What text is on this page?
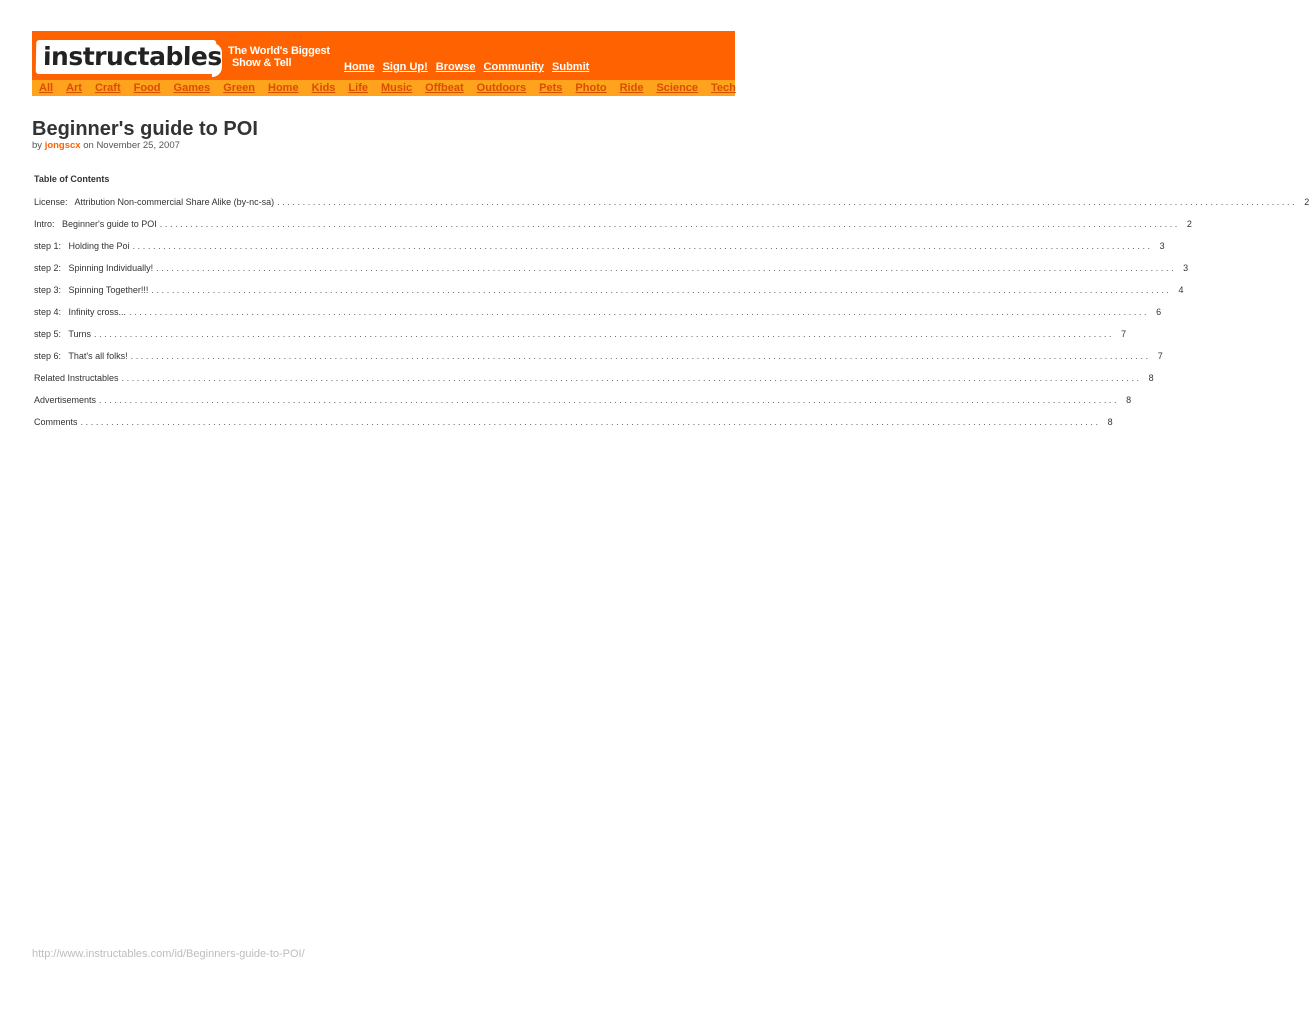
instructables The World's Biggest
Show & Tell	Home Sign Up! Browse Community Submit
All Art Craft Food Games Green Home Kids Life Music Offbeat Outdoors Pets Photo Ride Science Tech
Beginner's guide to POI
by jongscx on November 25, 2007
Table of Contents
License:   Attribution Non-commercial Share Alike (by-nc-sa) ........................................................................................................................................................................................................ 2
Intro:   Beginner's guide to POI ........................................................................................................................................................................................................ 2
step 1:   Holding the Poi ........................................................................................................................................................................................................ 3
step 2:   Spinning Individually! ........................................................................................................................................................................................................ 3
step 3:   Spinning Together!!! ........................................................................................................................................................................................................ 4
step 4:   Infinity cross... ........................................................................................................................................................................................................ 6
step 5:   Turns ........................................................................................................................................................................................................ 7
step 6:   That's all folks! ........................................................................................................................................................................................................ 7
Related Instructables ........................................................................................................................................................................................................ 8
Advertisements ........................................................................................................................................................................................................ 8
Comments ........................................................................................................................................................................................................ 8
http://www.instructables.com/id/Beginners-guide-to-POI/
